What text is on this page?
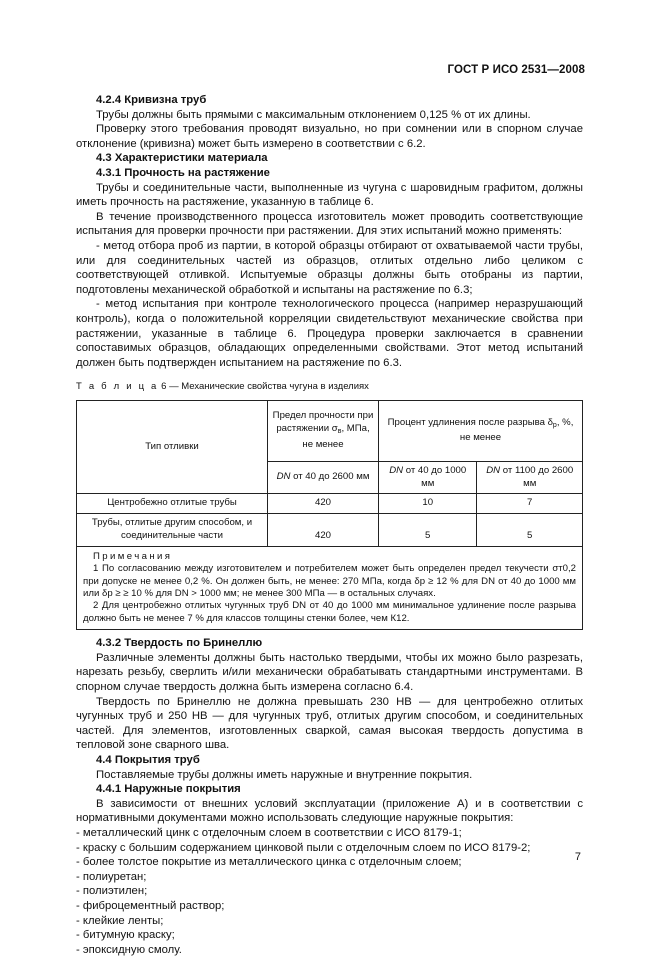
ГОСТ Р ИСО 2531—2008

4.2.4 Кривизна труб

Трубы должны быть прямыми с максимальным отклонением 0,125 % от их длины.

Проверку этого требования проводят визуально, но при сомнении или в спорном случае отклонение (кривизна) может быть измерено в соответствии с 6.2.

4.3 Характеристики материала

4.3.1 Прочность на растяжение

Трубы и соединительные части, выполненные из чугуна с шаровидным графитом, должны иметь прочность на растяжение, указанную в таблице 6.

В течение производственного процесса изготовитель может проводить соответствующие испытания для проверки прочности при растяжении. Для этих испытаний можно применять:

- метод отбора проб из партии, в которой образцы отбирают от охватываемой части трубы, или для соединительных частей из образцов, отлитых отдельно либо целиком с соответствующей отливкой. Испытуемые образцы должны быть отобраны из партии, подготовлены механической обработкой и испытаны на растяжение по 6.3;

- метод испытания при контроле технологического процесса (например неразрушающий контроль), когда о положительной корреляции свидетельствуют механические свойства при растяжении, указанные в таблице 6. Процедура проверки заключается в сравнении сопоставимых образцов, обладающих определенными свойствами. Этот метод испытаний должен быть подтвержден испытанием на растяжение по 6.3.

Т а б л и ц а 6 — Механические свойства чугуна в изделиях

Тип отливки	Предел прочности при растяжении $\sigma_в$, МПа, не менее	Процент удлинения после разрыва $\delta_р$, %, не менее	
	DN от 40 до 2600 мм	DN от 40 до 1000 мм	DN от 1100 до 2600 мм
Центробежно отлитые трубы	420	10	7
Трубы, отлитые другим способом, и соединительные части	420	5	5

Примечания
1 По согласованию между изготовителем и потребителем может быть определен предел текучести σт0,2 при допуске не менее 0,2 %. Он должен быть, не менее: 270 МПа, когда δр ≥ 12 % для DN от 40 до 1000 мм или δр ≥ ≥ 10 % для DN > 1000 мм; не менее 300 МПа — в остальных случаях.
2 Для центробежно отлитых чугунных труб DN от 40 до 1000 мм минимальное удлинение после разрыва должно быть не менее 7 % для классов толщины стенки более, чем К12.			

4.3.2 Твердость по Бринеллю

Различные элементы должны быть настолько твердыми, чтобы их можно было разрезать, нарезать резьбу, сверлить и/или механически обрабатывать стандартными инструментами. В спорном случае твердость должна быть измерена согласно 6.4.

Твердость по Бринеллю не должна превышать 230 НВ — для центробежно отлитых чугунных труб и 250 НВ — для чугунных труб, отлитых другим способом, и соединительных частей. Для элементов, изготовленных сваркой, самая высокая твердость допустима в тепловой зоне сварного шва.

4.4 Покрытия труб

Поставляемые трубы должны иметь наружные и внутренние покрытия.

4.4.1 Наружные покрытия

В зависимости от внешних условий эксплуатации (приложение А) и в соответствии с нормативными документами можно использовать следующие наружные покрытия:

- металлический цинк с отделочным слоем в соответствии с ИСО 8179-1;

- краску с большим содержанием цинковой пыли с отделочным слоем по ИСО 8179-2;

- более толстое покрытие из металлического цинка с отделочным слоем;

- полиуретан;

- полиэтилен;

- фиброцементный раствор;

- клейкие ленты;

- битумную краску;

- эпоксидную смолу.

7
